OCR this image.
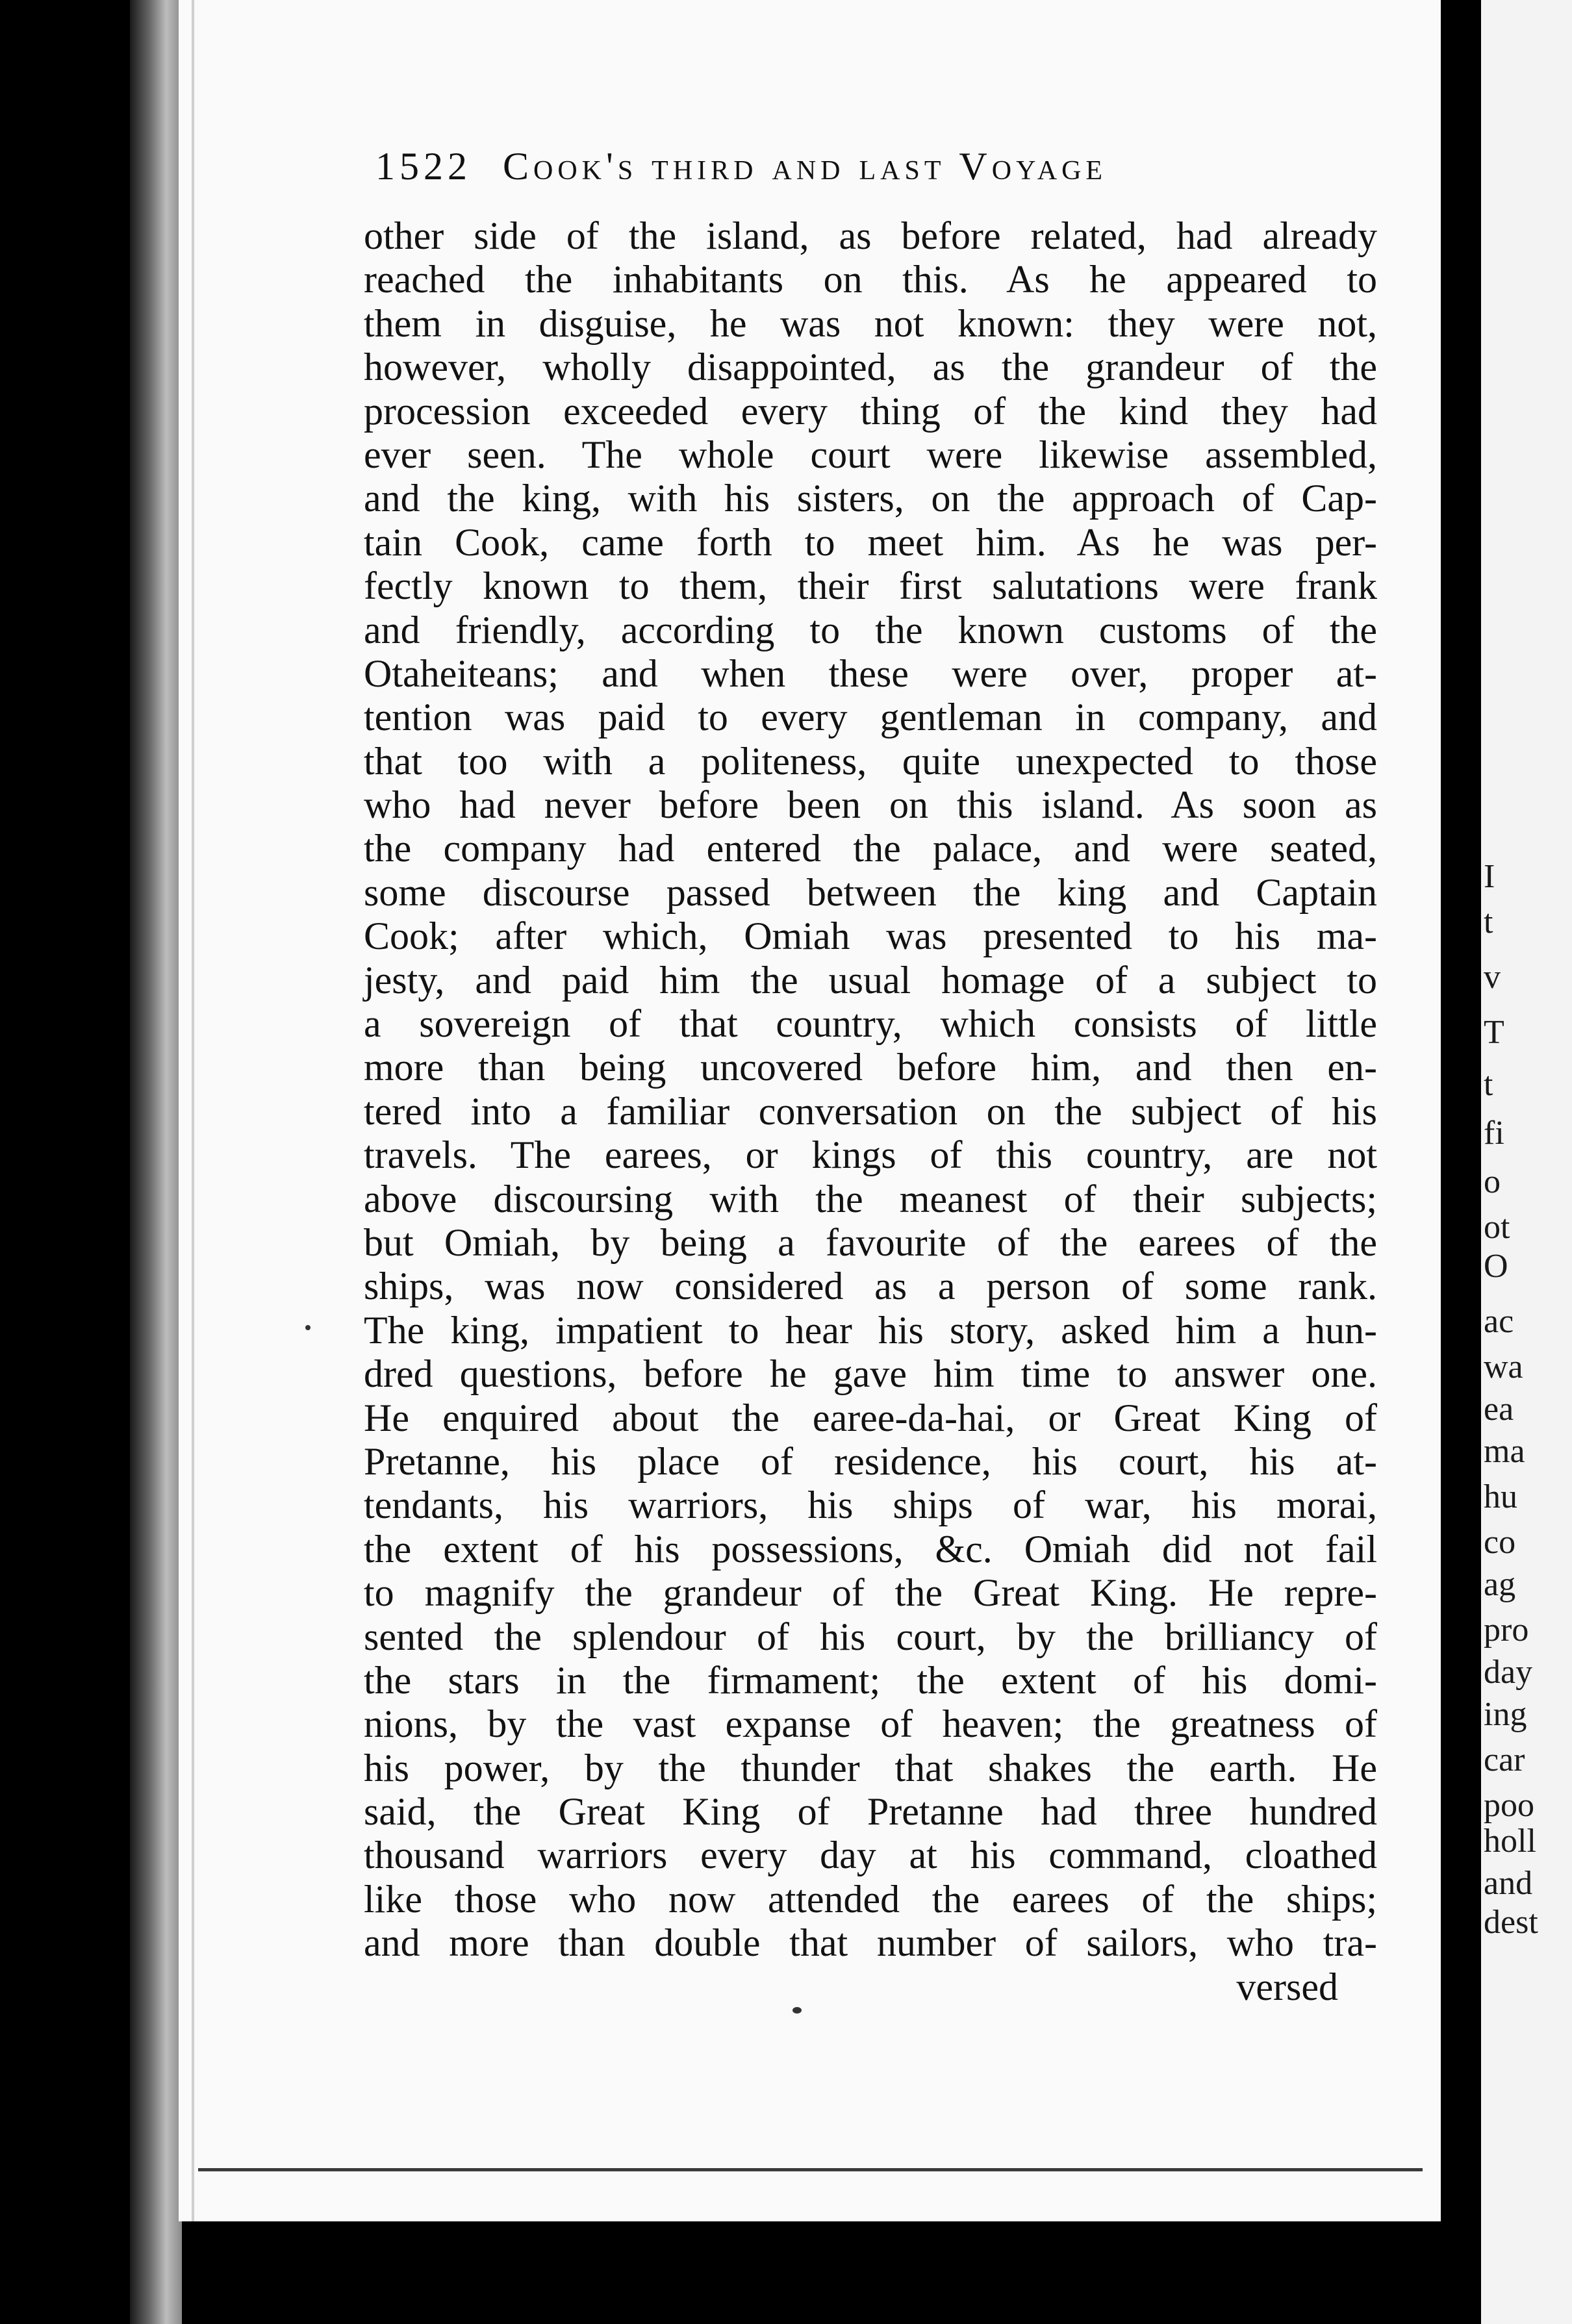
1522 Cook's third and last Voyage
other side of the island, as before related, had already
reached the inhabitants on this. As he appeared to
them in disguise, he was not known: they were not,
however, wholly disappointed, as the grandeur of the
procession exceeded every thing of the kind they had
ever seen. The whole court were likewise assembled,
and the king, with his sisters, on the approach of Cap-
tain Cook, came forth to meet him. As he was per-
fectly known to them, their first salutations were frank
and friendly, according to the known customs of the
Otaheiteans; and when these were over, proper at-
tention was paid to every gentleman in company, and
that too with a politeness, quite unexpected to those
who had never before been on this island. As soon as
the company had entered the palace, and were seated,
some discourse passed between the king and Captain
Cook; after which, Omiah was presented to his ma-
jesty, and paid him the usual homage of a subject to
a sovereign of that country, which consists of little
more than being uncovered before him, and then en-
tered into a familiar conversation on the subject of his
travels. The earees, or kings of this country, are not
above discoursing with the meanest of their subjects;
but Omiah, by being a favourite of the earees of the
ships, was now considered as a person of some rank.
The king, impatient to hear his story, asked him a hun-
dred questions, before he gave him time to answer one.
He enquired about the earee-da-hai, or Great King of
Pretanne, his place of residence, his court, his at-
tendants, his warriors, his ships of war, his morai,
the extent of his possessions, &c. Omiah did not fail
to magnify the grandeur of the Great King. He repre-
sented the splendour of his court, by the brilliancy of
the stars in the firmament; the extent of his domi-
nions, by the vast expanse of heaven; the greatness of
his power, by the thunder that shakes the earth. He
said, the Great King of Pretanne had three hundred
thousand warriors every day at his command, cloathed
like those who now attended the earees of the ships;
and more than double that number of sailors, who tra-
versed
I
t
v
T
t
fi
o
ot
O
ac
wa
ea
ma
hu
co
ag
pro
day
ing
car
poo
holl
and
dest
